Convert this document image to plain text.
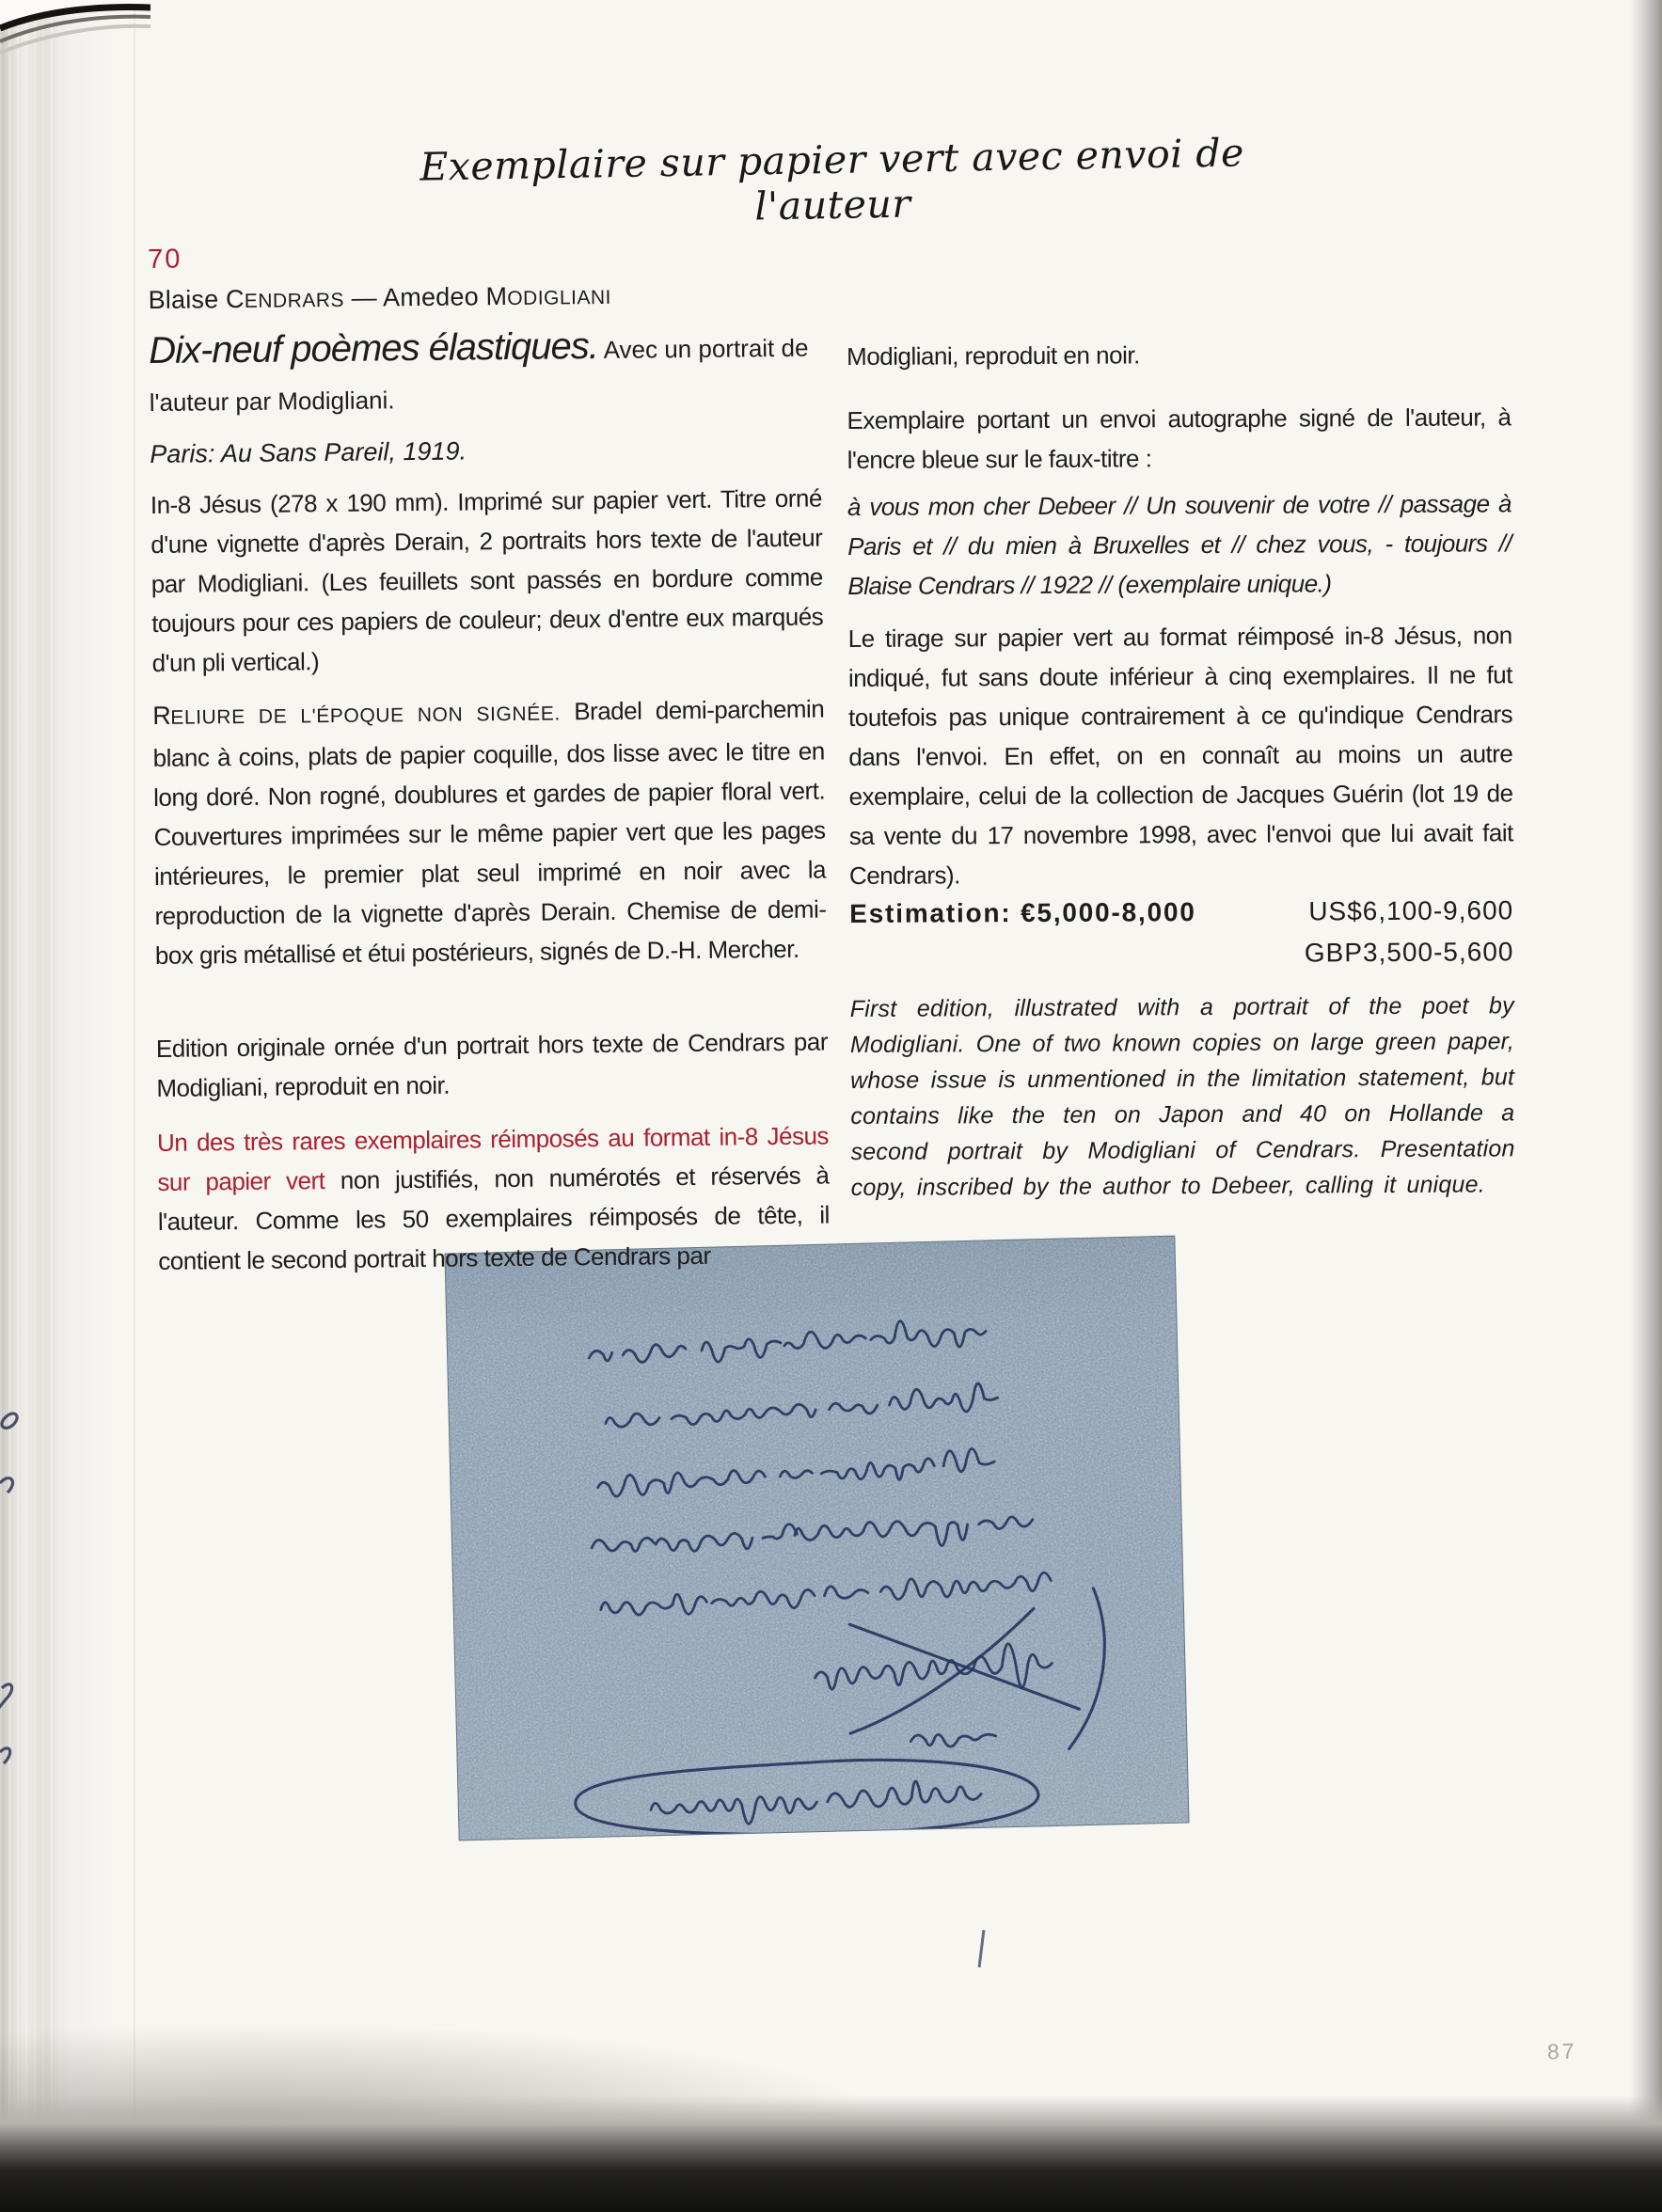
Exemplaire sur papier vert avec envoi de l'auteur

70

Blaise CENDRARS — Amedeo MODIGLIANI

Dix-neuf poèmes élastiques. Avec un portrait de l'auteur par Modigliani.

Paris: Au Sans Pareil, 1919.

In-8 Jésus (278 x 190 mm). Imprimé sur papier vert. Titre orné d'une vignette d'après Derain, 2 portraits hors texte de l'auteur par Modigliani. (Les feuillets sont passés en bordure comme toujours pour ces papiers de couleur; deux d'entre eux marqués d'un pli vertical.)

RELIURE DE L'ÉPOQUE NON SIGNÉE. Bradel demi-parchemin blanc à coins, plats de papier coquille, dos lisse avec le titre en long doré. Non rogné, doublures et gardes de papier floral vert. Couvertures imprimées sur le même papier vert que les pages intérieures, le premier plat seul imprimé en noir avec la reproduction de la vignette d'après Derain. Chemise de demi-box gris métallisé et étui postérieurs, signés de D.-H. Mercher.

Edition originale ornée d'un portrait hors texte de Cendrars par Modigliani, reproduit en noir.

Un des très rares exemplaires réimposés au format in-8 Jésus sur papier vert non justifiés, non numérotés et réservés à l'auteur. Comme les 50 exemplaires réimposés de tête, il contient le second portrait hors texte de Cendrars par

Modigliani, reproduit en noir.

Exemplaire portant un envoi autographe signé de l'auteur, à l'encre bleue sur le faux-titre :

à vous mon cher Debeer // Un souvenir de votre // passage à Paris et // du mien à Bruxelles et // chez vous, - toujours // Blaise Cendrars // 1922 // (exemplaire unique.)

Le tirage sur papier vert au format réimposé in-8 Jésus, non indiqué, fut sans doute inférieur à cinq exemplaires. Il ne fut toutefois pas unique contrairement à ce qu'indique Cendrars dans l'envoi. En effet, on en connaît au moins un autre exemplaire, celui de la collection de Jacques Guérin (lot 19 de sa vente du 17 novembre 1998, avec l'envoi que lui avait fait Cendrars).

Estimation: €5,000-8,000	US$6,100-9,600

GBP3,500-5,600

First edition, illustrated with a portrait of the poet by Modigliani. One of two known copies on large green paper, whose issue is unmentioned in the limitation statement, but contains like the ten on Japon and 40 on Hollande a second portrait by Modigliani of Cendrars. Presentation copy, inscribed by the author to Debeer, calling it unique.

87
